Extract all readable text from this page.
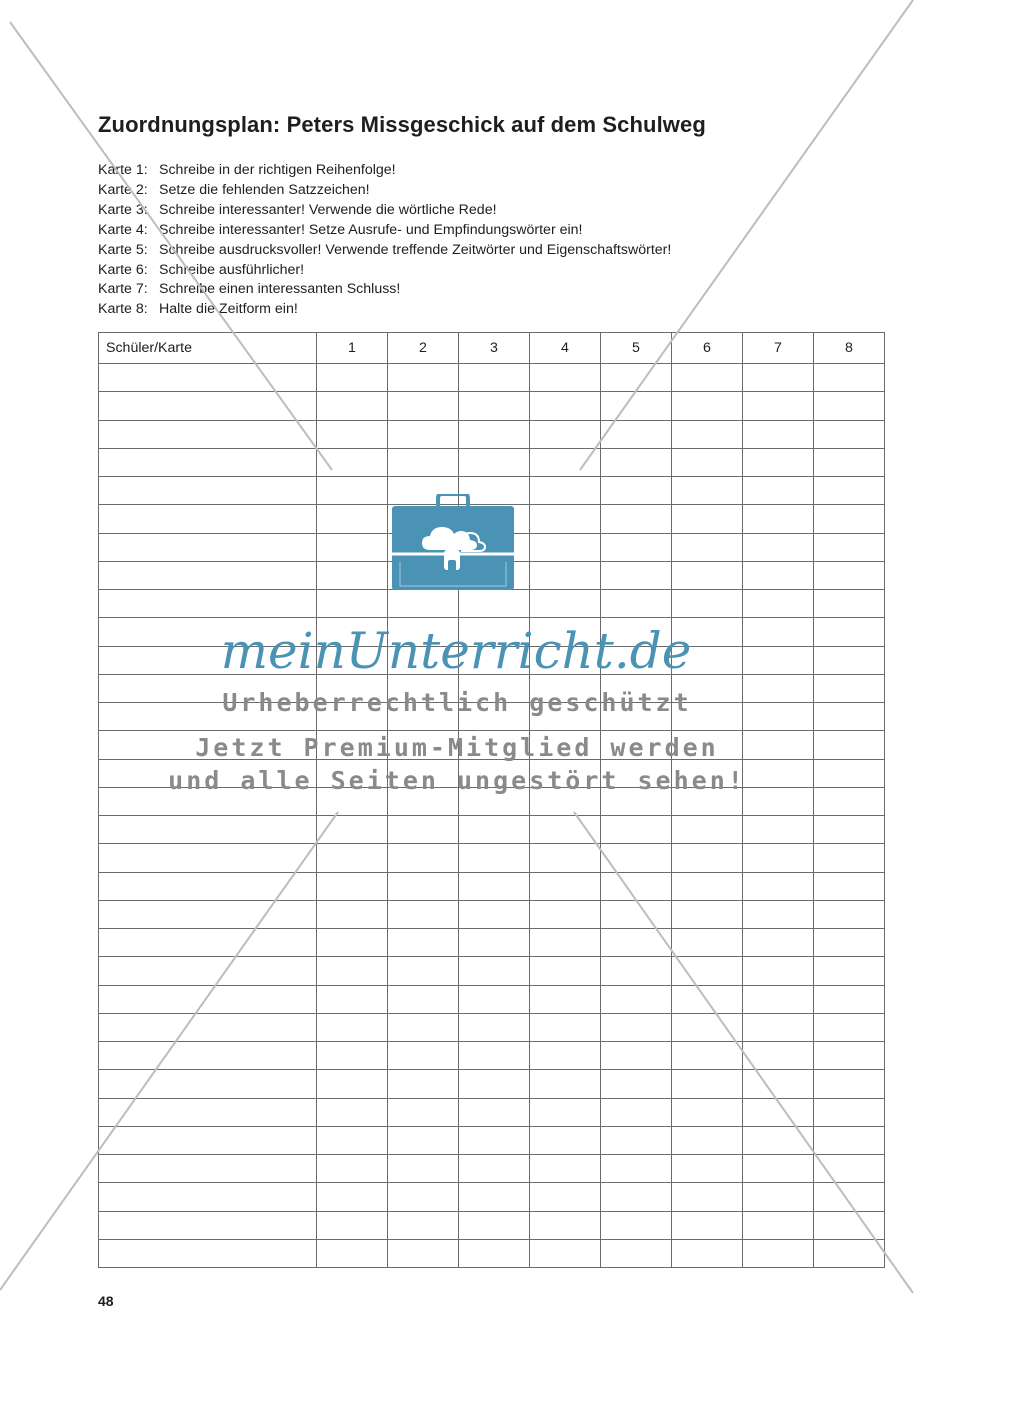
Zuordnungsplan: Peters Missgeschick auf dem Schulweg
Karte 1: Schreibe in der richtigen Reihenfolge!
Karte 2: Setze die fehlenden Satzzeichen!
Karte 3: Schreibe interessanter! Verwende die wörtliche Rede!
Karte 4: Schreibe interessanter! Setze Ausrufe- und Empfindungswörter ein!
Karte 5: Schreibe ausdrucksvoller! Verwende treffende Zeitwörter und Eigenschaftswörter!
Karte 6: Schreibe ausführlicher!
Karte 7: Schreibe einen interessanten Schluss!
Karte 8: Halte die Zeitform ein!
Schüler/Karte	1	2	3	4	5	6	7	8

48
meinUnterricht.de
Urheberrechtlich geschützt
Jetzt Premium-Mitglied werden
und alle Seiten ungestört sehen!
